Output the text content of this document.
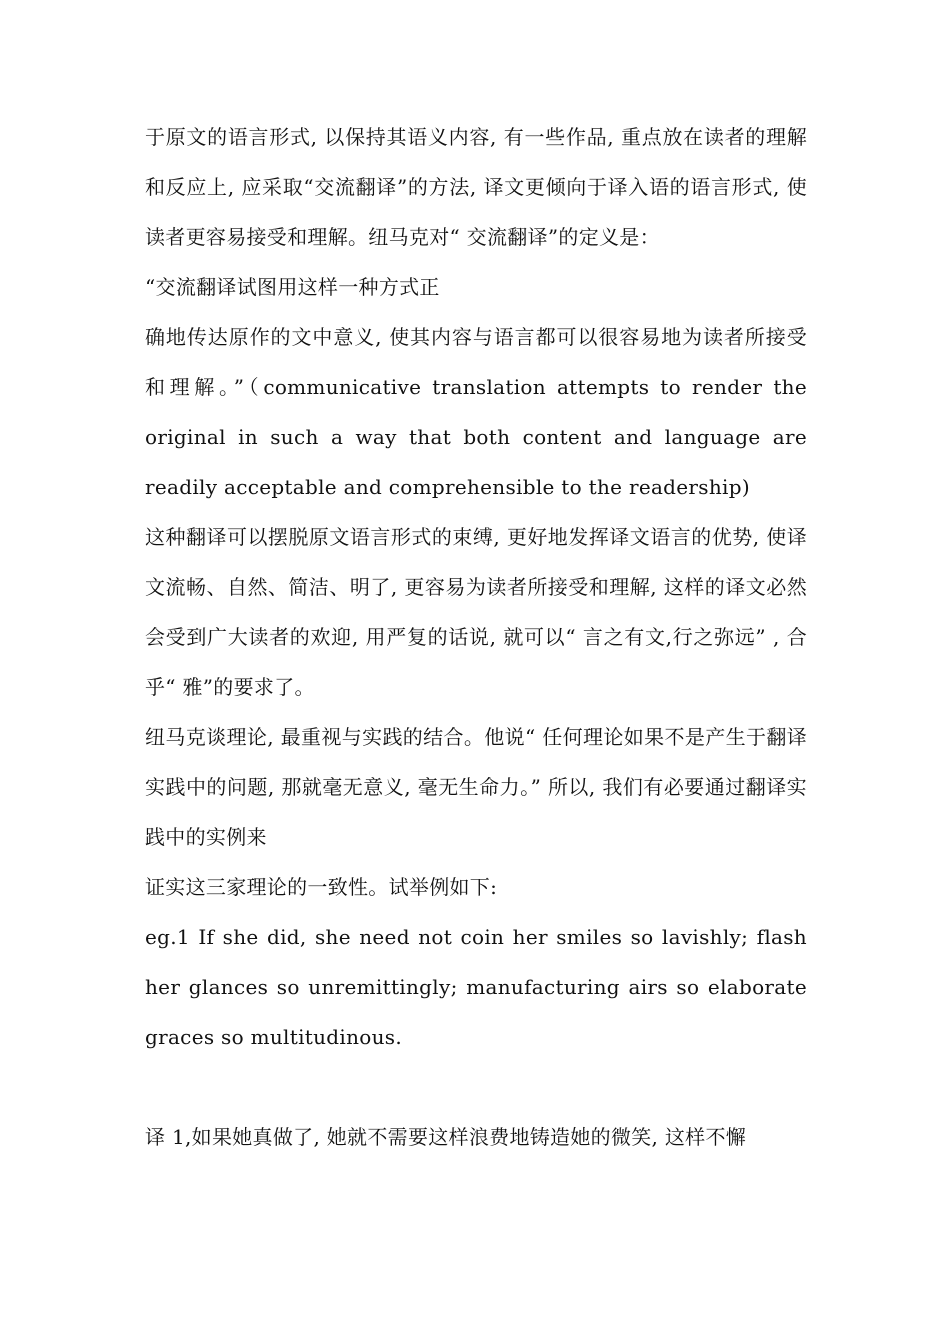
于原文的语言形式, 以保持其语义内容, 有一些作品, 重点放在读者的理解和反应上, 应采取“交流翻译”的方法, 译文更倾向于译入语的语言形式, 使读者更容易接受和理解。纽马克对“ 交流翻译”的定义是：

“交流翻译试图用这样一种方式正

确地传达原作的文中意义, 使其内容与语言都可以很容易地为读者所接受和理解。”（communicative translation attempts to render the original in such a way that both content and language are readily acceptable and comprehensible to the readership)

这种翻译可以摆脱原文语言形式的束缚, 更好地发挥译文语言的优势, 使译文流畅、自然、简洁、明了, 更容易为读者所接受和理解, 这样的译文必然会受到广大读者的欢迎, 用严复的话说, 就可以“ 言之有文,行之弥远” , 合乎“ 雅”的要求了。

纽马克谈理论, 最重视与实践的结合。他说“ 任何理论如果不是产生于翻译实践中的问题, 那就毫无意义, 毫无生命力。” 所以, 我们有必要通过翻译实践中的实例来

证实这三家理论的一致性。试举例如下:

eg.1 If she did, she need not coin her smiles so lavishly; flash her glances so unremittingly; manufacturing airs so elaborate graces so multitudinous.

译 1,如果她真做了, 她就不需要这样浪费地铸造她的微笑, 这样不懈
